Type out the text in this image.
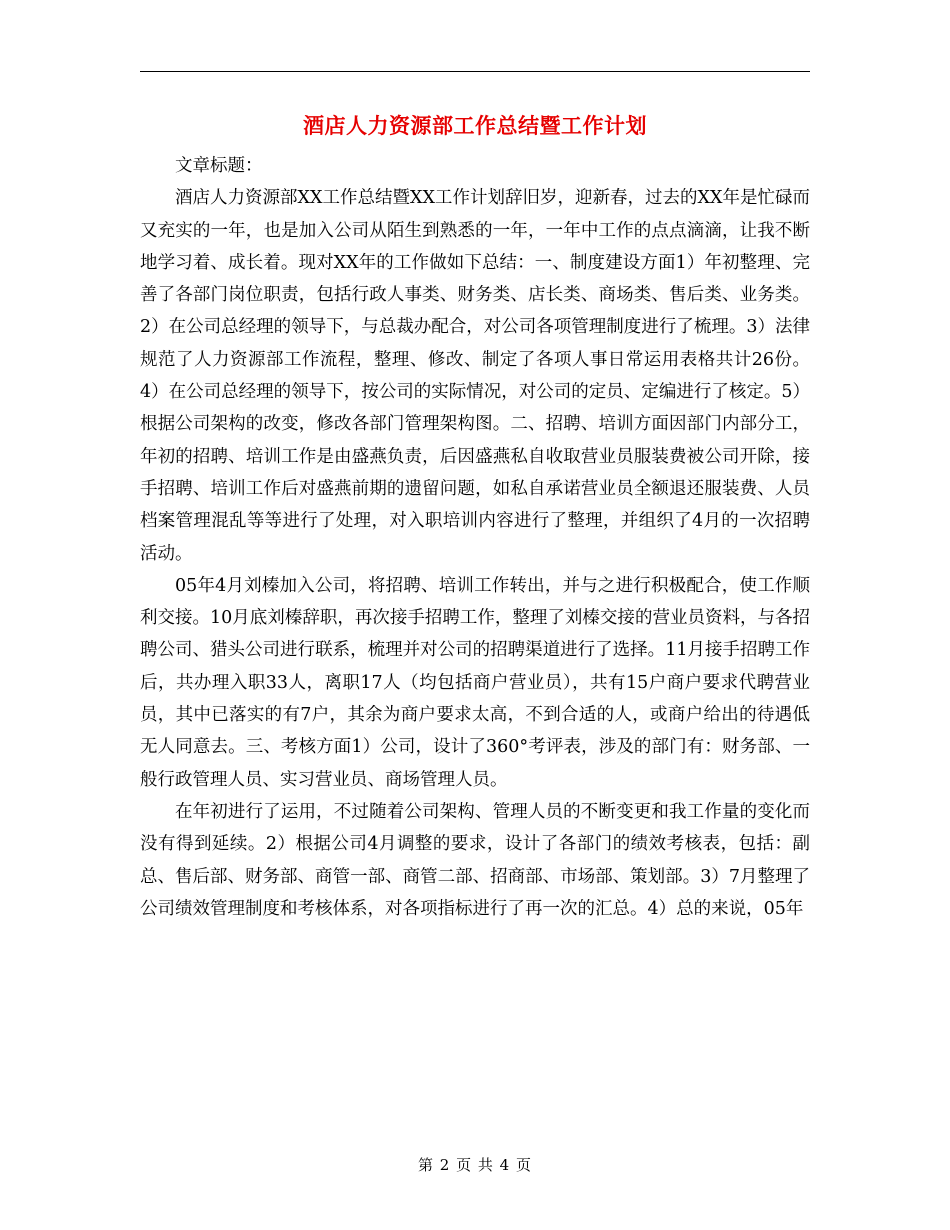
酒店人力资源部工作总结暨工作计划

文章标题：

酒店人力资源部XX工作总结暨XX工作计划辞旧岁，迎新春，过去的XX年是忙碌而又充实的一年，也是加入公司从陌生到熟悉的一年，一年中工作的点点滴滴，让我不断地学习着、成长着。现对XX年的工作做如下总结：一、制度建设方面1）年初整理、完善了各部门岗位职责，包括行政人事类、财务类、店长类、商场类、售后类、业务类。2）在公司总经理的领导下，与总裁办配合，对公司各项管理制度进行了梳理。3）法律规范了人力资源部工作流程，整理、修改、制定了各项人事日常运用表格共计26份。4）在公司总经理的领导下，按公司的实际情况，对公司的定员、定编进行了核定。5）根据公司架构的改变，修改各部门管理架构图。二、招聘、培训方面因部门内部分工，年初的招聘、培训工作是由盛燕负责，后因盛燕私自收取营业员服装费被公司开除，接手招聘、培训工作后对盛燕前期的遗留问题，如私自承诺营业员全额退还服装费、人员档案管理混乱等等进行了处理，对入职培训内容进行了整理，并组织了4月的一次招聘活动。

05年4月刘榛加入公司，将招聘、培训工作转出，并与之进行积极配合，使工作顺利交接。10月底刘榛辞职，再次接手招聘工作，整理了刘榛交接的营业员资料，与各招聘公司、猎头公司进行联系，梳理并对公司的招聘渠道进行了选择。11月接手招聘工作后，共办理入职33人，离职17人（均包括商户营业员），共有15户商户要求代聘营业员，其中已落实的有7户，其余为商户要求太高，不到合适的人，或商户给出的待遇低无人同意去。三、考核方面1）公司，设计了360°考评表，涉及的部门有：财务部、一般行政管理人员、实习营业员、商场管理人员。

在年初进行了运用，不过随着公司架构、管理人员的不断变更和我工作量的变化而没有得到延续。2）根据公司4月调整的要求，设计了各部门的绩效考核表，包括：副总、售后部、财务部、商管一部、商管二部、招商部、市场部、策划部。3）7月整理了公司绩效管理制度和考核体系，对各项指标进行了再一次的汇总。4）总的来说，05年

第 2 页 共 4 页
